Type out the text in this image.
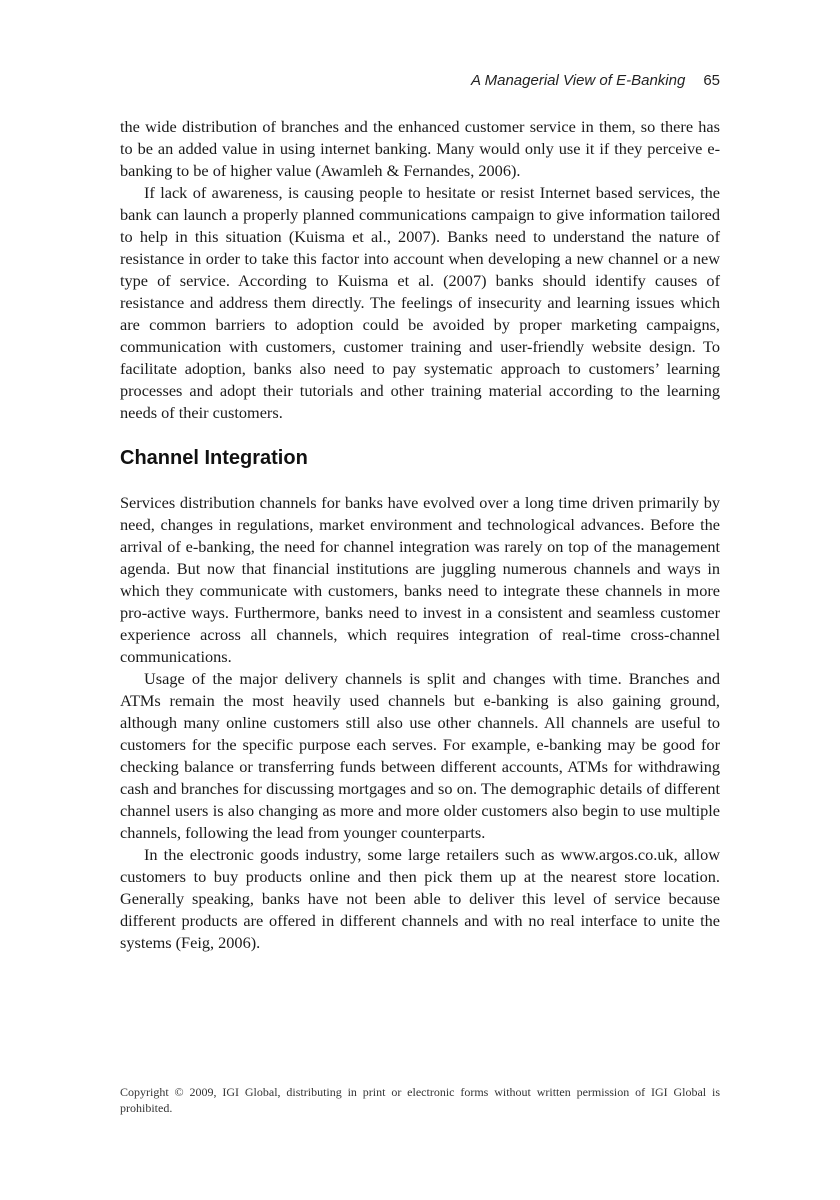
A Managerial View of E-Banking 65

the wide distribution of branches and the enhanced customer service in them, so there has to be an added value in using internet banking. Many would only use it if they perceive e-banking to be of higher value (Awamleh & Fernandes, 2006).

If lack of awareness, is causing people to hesitate or resist Internet based services, the bank can launch a properly planned communications campaign to give information tailored to help in this situation (Kuisma et al., 2007). Banks need to understand the nature of resistance in order to take this factor into account when developing a new channel or a new type of service. According to Kuisma et al. (2007) banks should identify causes of resistance and address them directly. The feelings of insecurity and learning issues which are common barriers to adoption could be avoided by proper marketing campaigns, communication with customers, customer training and user-friendly website design. To facilitate adoption, banks also need to pay systematic approach to customers’ learning processes and adopt their tutorials and other training material according to the learning needs of their customers.

Channel Integration

Services distribution channels for banks have evolved over a long time driven primarily by need, changes in regulations, market environment and technological advances. Before the arrival of e-banking, the need for channel integration was rarely on top of the management agenda. But now that financial institutions are juggling numerous channels and ways in which they communicate with customers, banks need to integrate these channels in more pro-active ways. Furthermore, banks need to invest in a consistent and seamless customer experience across all channels, which requires integration of real-time cross-channel communications.

Usage of the major delivery channels is split and changes with time. Branches and ATMs remain the most heavily used channels but e-banking is also gaining ground, although many online customers still also use other channels. All channels are useful to customers for the specific purpose each serves. For example, e-banking may be good for checking balance or transferring funds between different accounts, ATMs for withdrawing cash and branches for discussing mortgages and so on. The demographic details of different channel users is also changing as more and more older customers also begin to use multiple channels, following the lead from younger counterparts.

In the electronic goods industry, some large retailers such as www.argos.co.uk, allow customers to buy products online and then pick them up at the nearest store location. Generally speaking, banks have not been able to deliver this level of service because different products are offered in different channels and with no real interface to unite the systems (Feig, 2006).

Copyright © 2009, IGI Global, distributing in print or electronic forms without written permission of IGI Global is prohibited.
